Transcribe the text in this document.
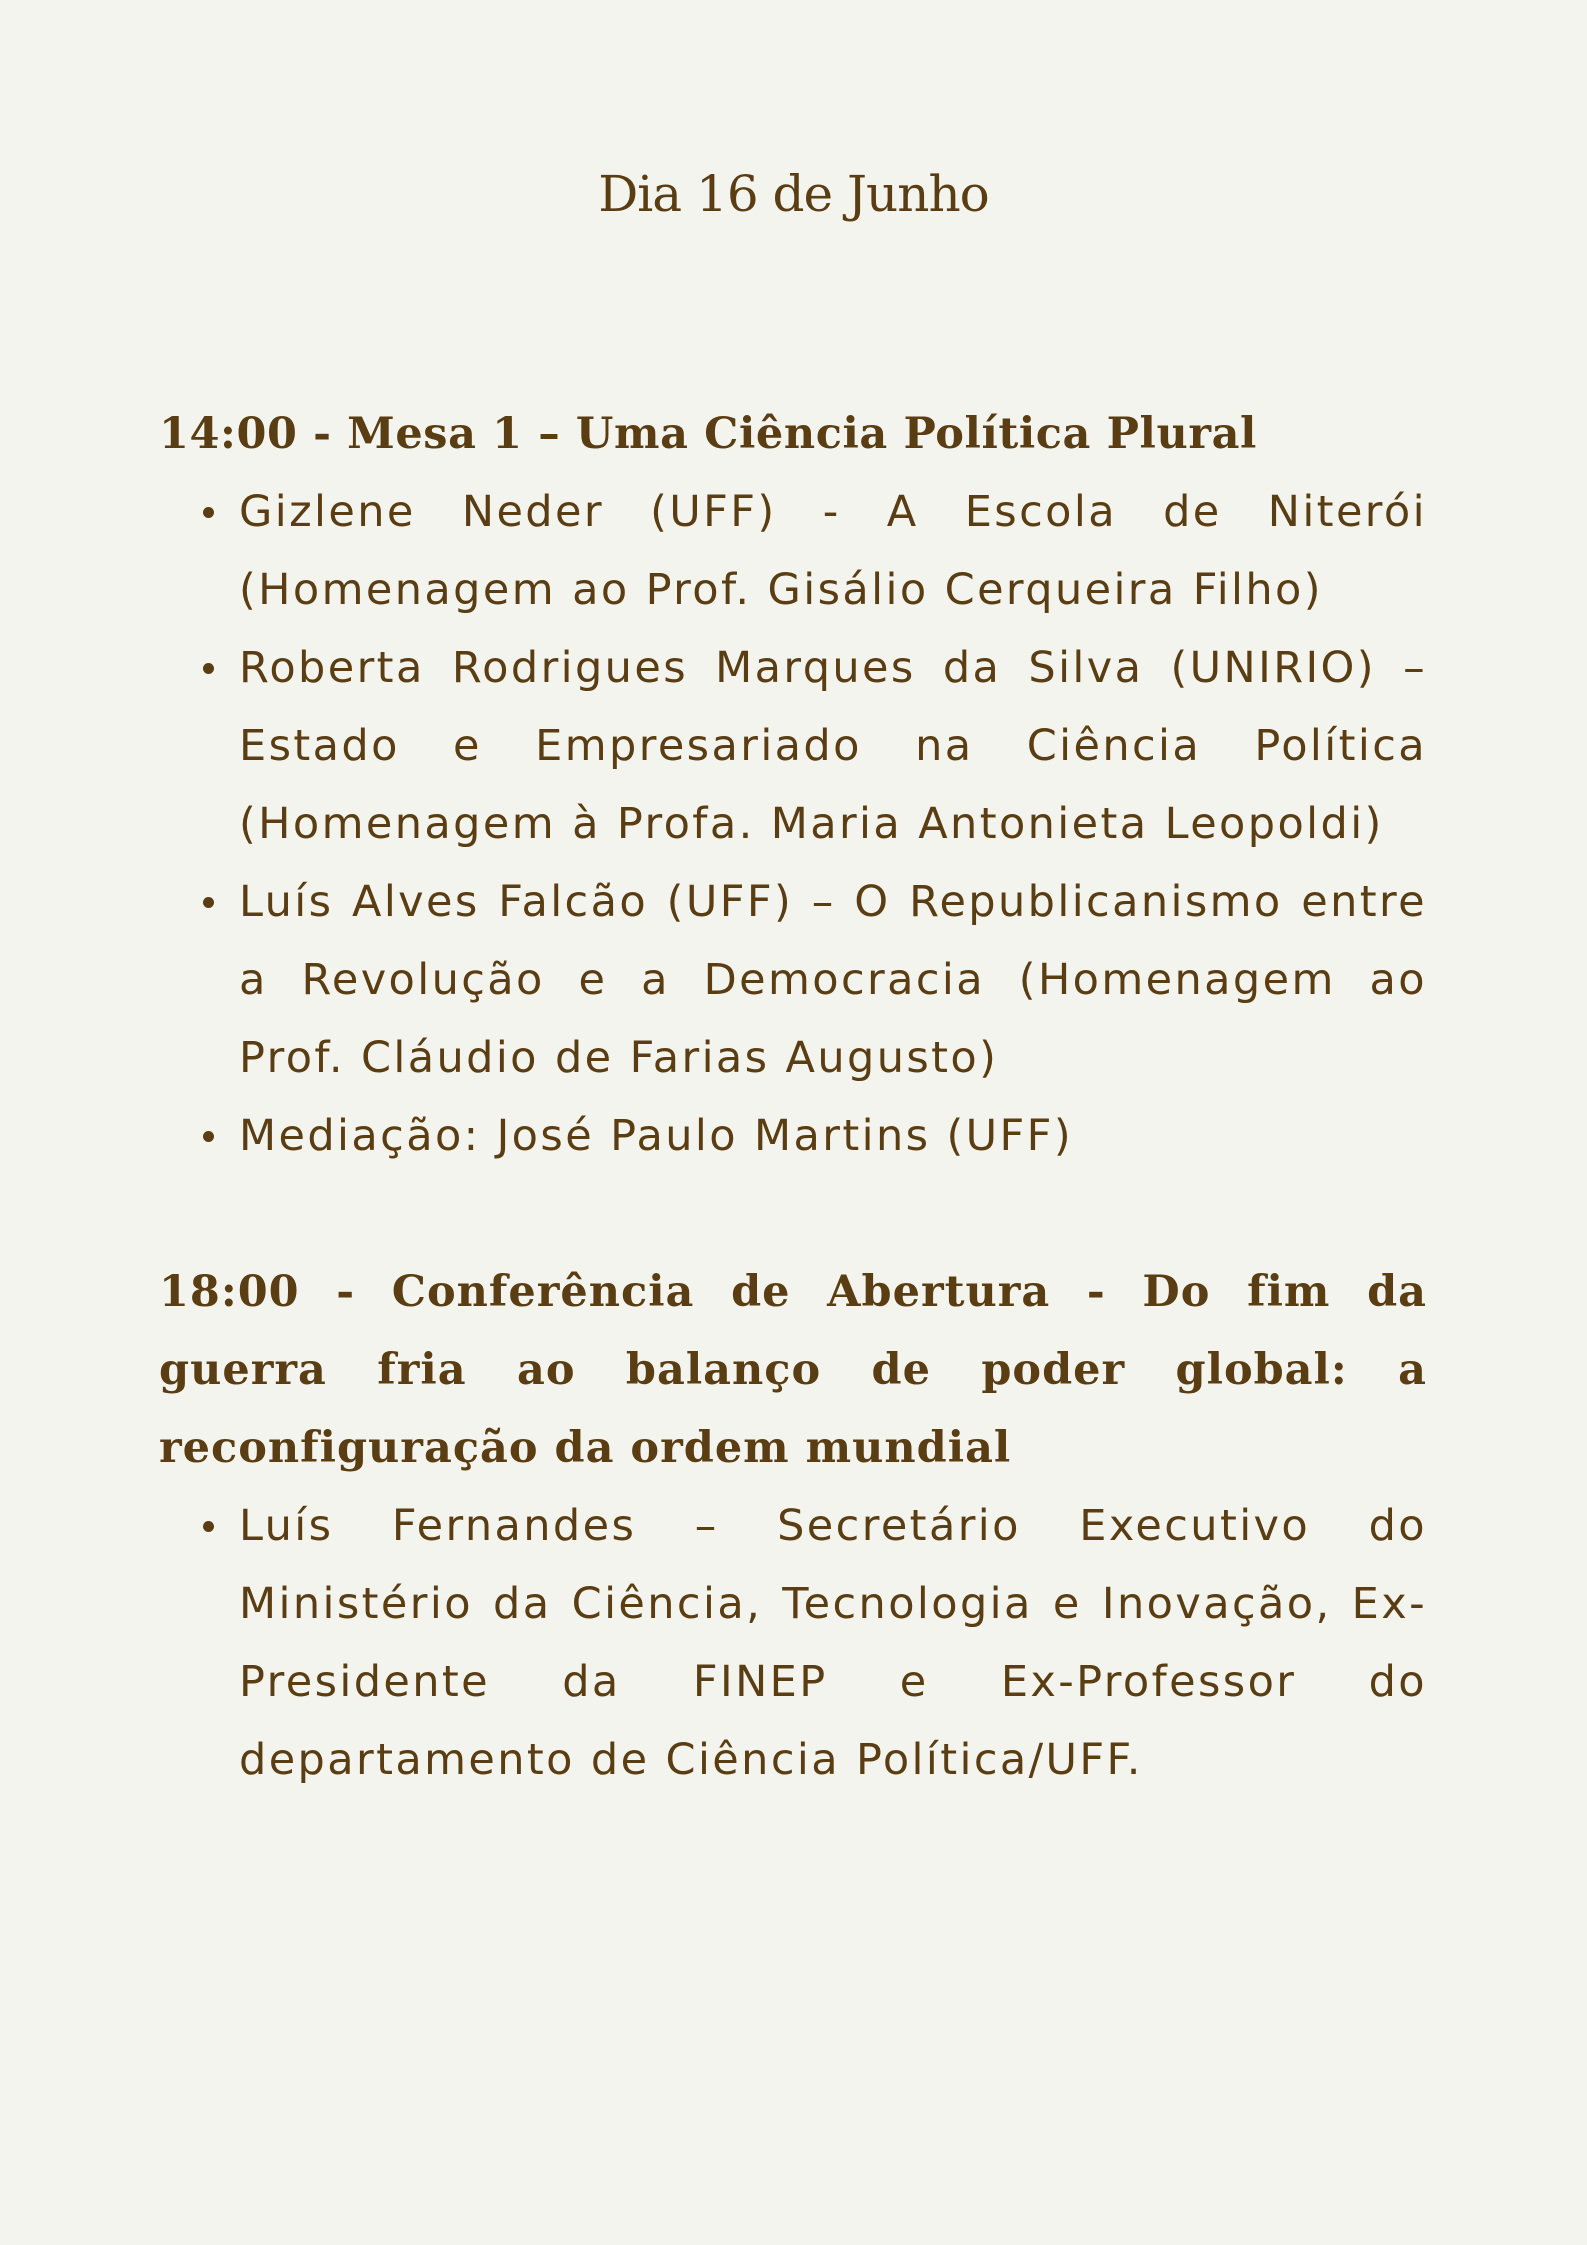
Dia 16 de Junho

14:00 - Mesa 1 – Uma Ciência Política Plural

Gizlene Neder (UFF) - A Escola de Niterói (Homenagem ao Prof. Gisálio Cerqueira Filho)
Roberta Rodrigues Marques da Silva (UNIRIO) – Estado e Empresariado na Ciência Política (Homenagem à Profa. Maria Antonieta Leopoldi)
Luís Alves Falcão (UFF) – O Republicanismo entre a Revolução e a Democracia (Homenagem ao Prof. Cláudio de Farias Augusto)
Mediação: José Paulo Martins (UFF)

18:00 - Conferência de Abertura - Do fim da guerra fria ao balanço de poder global: a reconfiguração da ordem mundial

Luís Fernandes – Secretário Executivo do Ministério da Ciência, Tecnologia e Inovação, Ex-Presidente da FINEP e Ex-Professor do departamento de Ciência Política/UFF.
